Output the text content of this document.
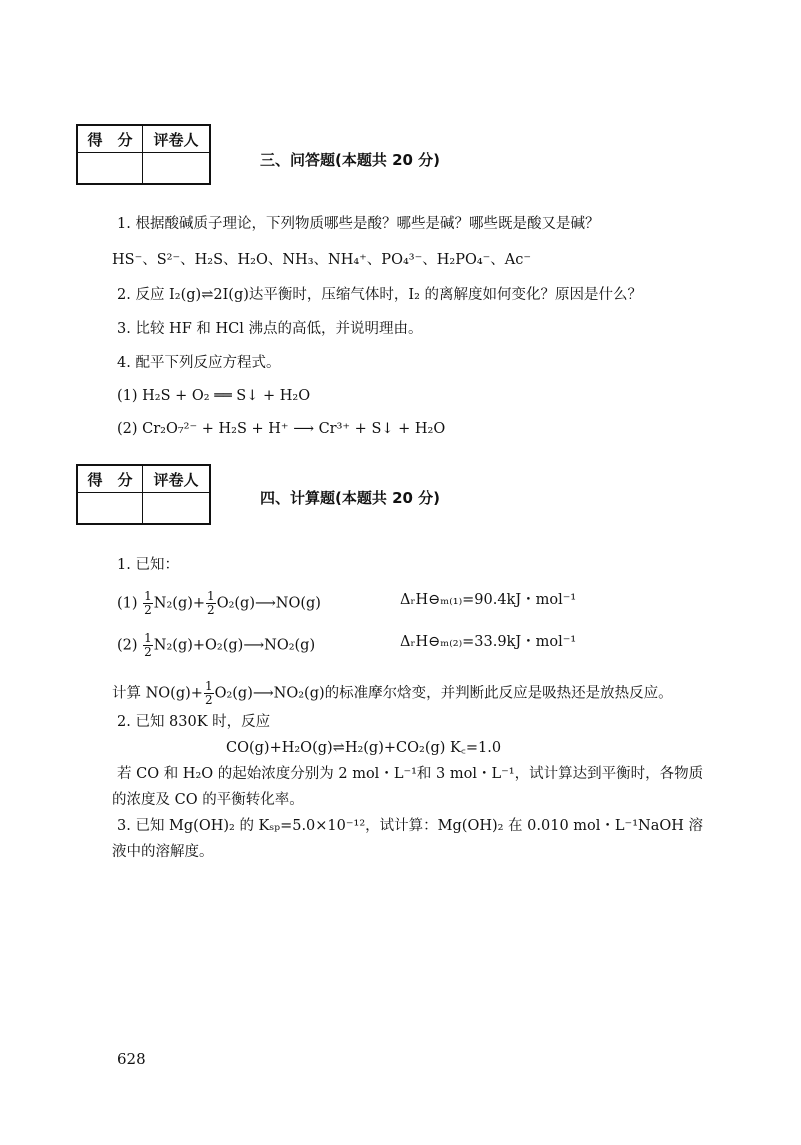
得　分	评卷人

三、问答题(本题共 20 分)
1. 根据酸碱质子理论，下列物质哪些是酸？哪些是碱？哪些既是酸又是碱？
HS⁻、S²⁻、H₂S、H₂O、NH₃、NH₄⁺、PO₄³⁻、H₂PO₄⁻、Ac⁻
2. 反应 I₂(g)⇌2I(g)达平衡时，压缩气体时，I₂ 的离解度如何变化？原因是什么？
3. 比较 HF 和 HCl 沸点的高低，并说明理由。
4. 配平下列反应方程式。
(1) H₂S + O₂ ══ S↓ + H₂O
(2) Cr₂O₇²⁻ + H₂S + H⁺ ⟶ Cr³⁺ + S↓ + H₂O
得　分	评卷人

四、计算题(本题共 20 分)
1. 已知：
$(1) \frac{1}{2} N_2(g)+ \frac{1}{2}$ O₂(g)⟶NO(g)	ΔᵣH⊖ₘ₍₁₎=90.4kJ・mol⁻¹
$(2) \frac{1}{2}$ N₂(g)+O₂(g)⟶NO₂(g)	ΔᵣH⊖ₘ₍₂₎=33.9kJ・mol⁻¹
计算 $NO(g)+ \frac{1}{2}$ O₂(g)⟶NO₂(g)的标准摩尔焓变，并判断此反应是吸热还是放热反应。
2. 已知 830K 时，反应
CO(g)+H₂O(g)⇌H₂(g)+CO₂(g) K꜀=1.0
若 CO 和 H₂O 的起始浓度分别为 2 mol・L⁻¹和 3 mol・L⁻¹，试计算达到平衡时，各物质
的浓度及 CO 的平衡转化率。
3. 已知 Mg(OH)₂ 的 Kₛₚ=5.0×10⁻¹²，试计算：Mg(OH)₂ 在 0.010 mol・L⁻¹NaOH 溶
液中的溶解度。
628
